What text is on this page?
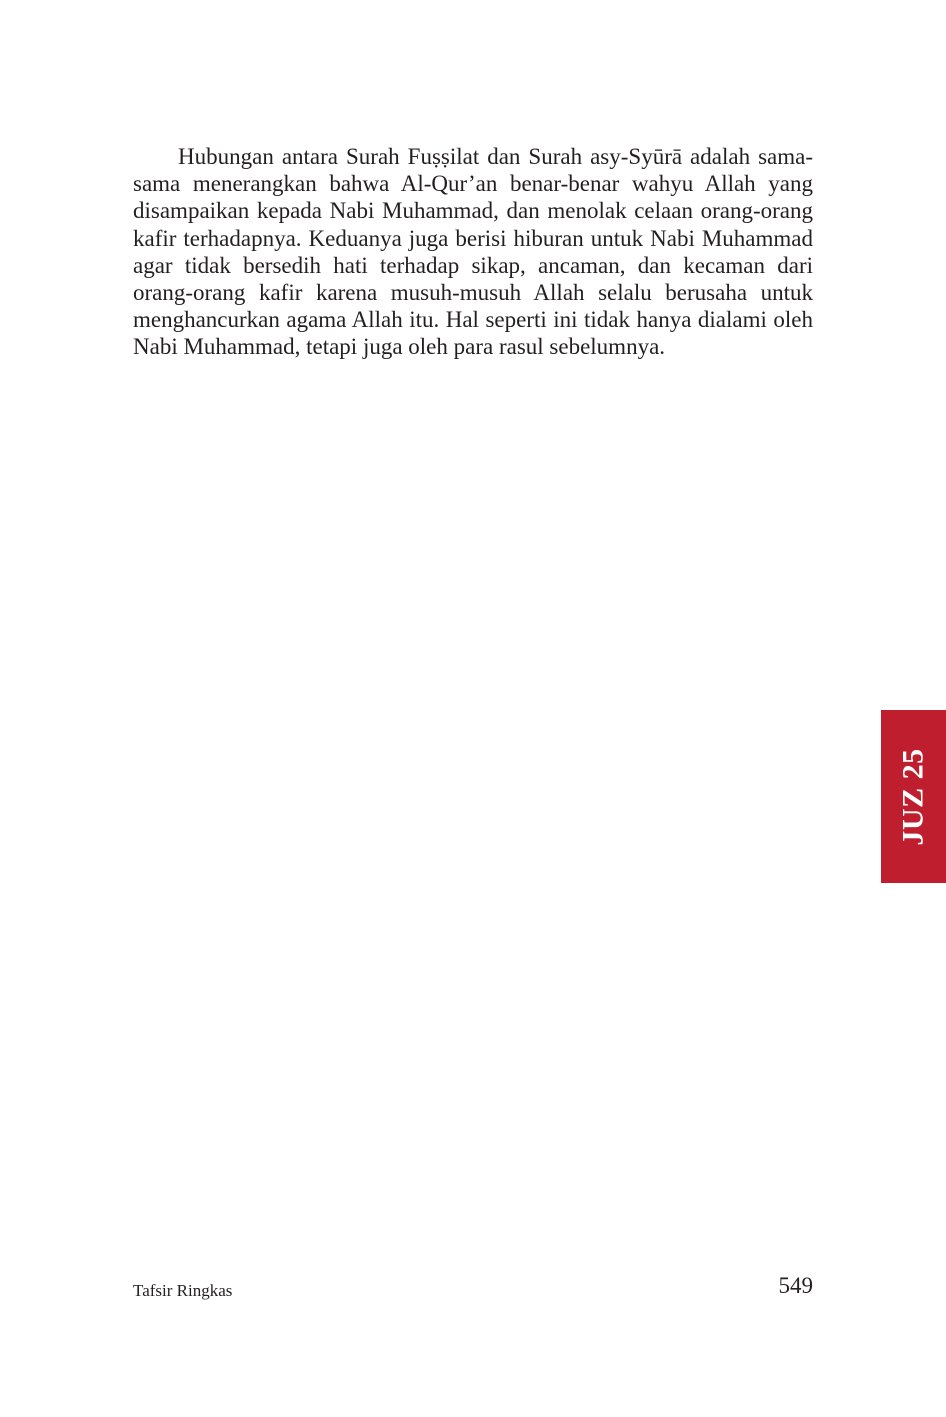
Hubungan antara Surah Fuṣṣilat dan Surah asy-Syūrā adalah sama-sama menerangkan bahwa Al-Qur’an benar-benar wahyu Allah yang disampaikan kepada Nabi Muhammad, dan menolak celaan orang-orang kafir terhadapnya. Keduanya juga berisi hiburan untuk Nabi Muhammad agar tidak bersedih hati terhadap sikap, ancaman, dan kecaman dari orang-orang kafir karena musuh-musuh Allah selalu berusaha untuk menghancurkan agama Allah itu. Hal seperti ini tidak hanya dialami oleh Nabi Muhammad, tetapi juga oleh para rasul sebelumnya.

JUZ 25
Tafsir Ringkas	549
